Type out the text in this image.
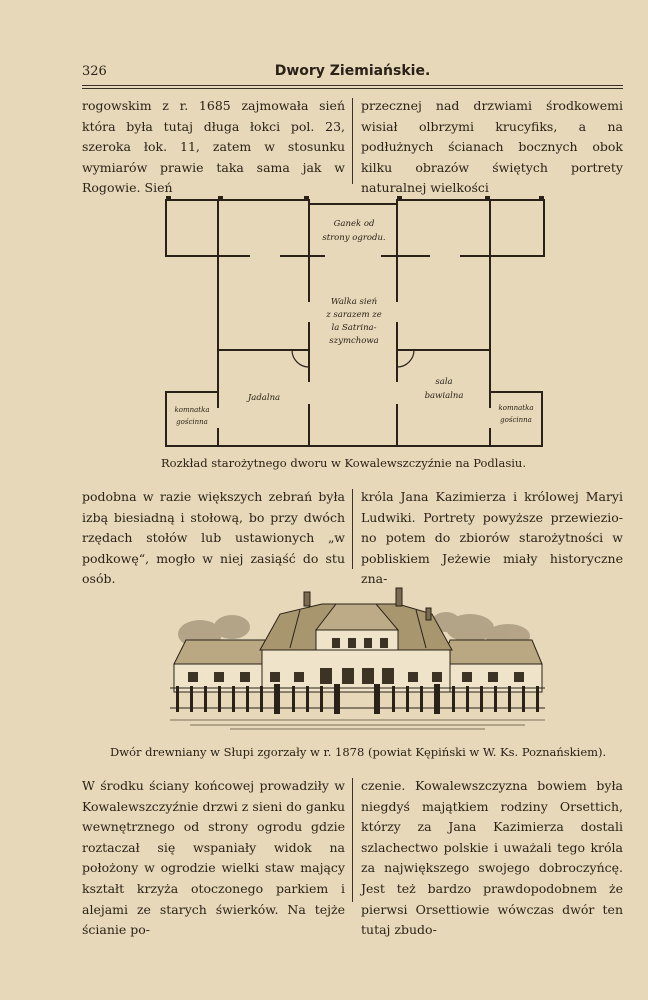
326	Dwory Ziemiańskie.

rogowskim z r. 1685 zajmowała sień która była tutaj długa łokci pol. 23, szeroka łok. 11, zatem w stosunku wymiarów prawie taka sama jak w Rogowie. Sień

przecznej nad drzwiami środkowemi wisiał olbrzymi krucyfiks, a na podłużnych ścianach bocznych obok kilku obrazów świętych portrety naturalnej wielkości

Ganek od
strony ogrodu.
Walka sień
z sarazem ze
la Satrina-
szymchowa
Jadalna
sala
bawialna
komnatka
gościnna
komnatka
gościnna
Rozkład starożytnego dworu w Kowalewszczyźnie na Podlasiu.

podobna w razie większych zebrań była izbą biesiadną i stołową, bo przy dwóch rzędach stołów lub ustawionych „w podkowę“, mogło w niej zasiąść do stu osób.

króla Jana Kazimierza i królowej Maryi Ludwiki. Portrety powyższe przewieziono potem do zbiorów starożytności w pobliskiem Jeżewie miały historyczne zna-

Dwór drewniany w Słupi zgorzały w r. 1878 (powiat Kępiński w W. Ks. Poznańskiem).

W środku ściany końcowej prowadziły w Kowalewszczyźnie drzwi z sieni do ganku wewnętrznego od strony ogrodu gdzie roztaczał się wspaniały widok na położony w ogrodzie wielki staw mający kształt krzyża otoczonego parkiem i alejami ze starych świerków. Na tejże ścianie po-

czenie. Kowalewszczyzna bowiem była niegdyś majątkiem rodziny Orsettich, którzy za Jana Kazimierza dostali szlachectwo polskie i uważali tego króla za największego swojego dobroczyńcę. Jest też bardzo prawdopodobnem że pierwsi Orsettiowie wówczas dwór ten tutaj zbudo-
